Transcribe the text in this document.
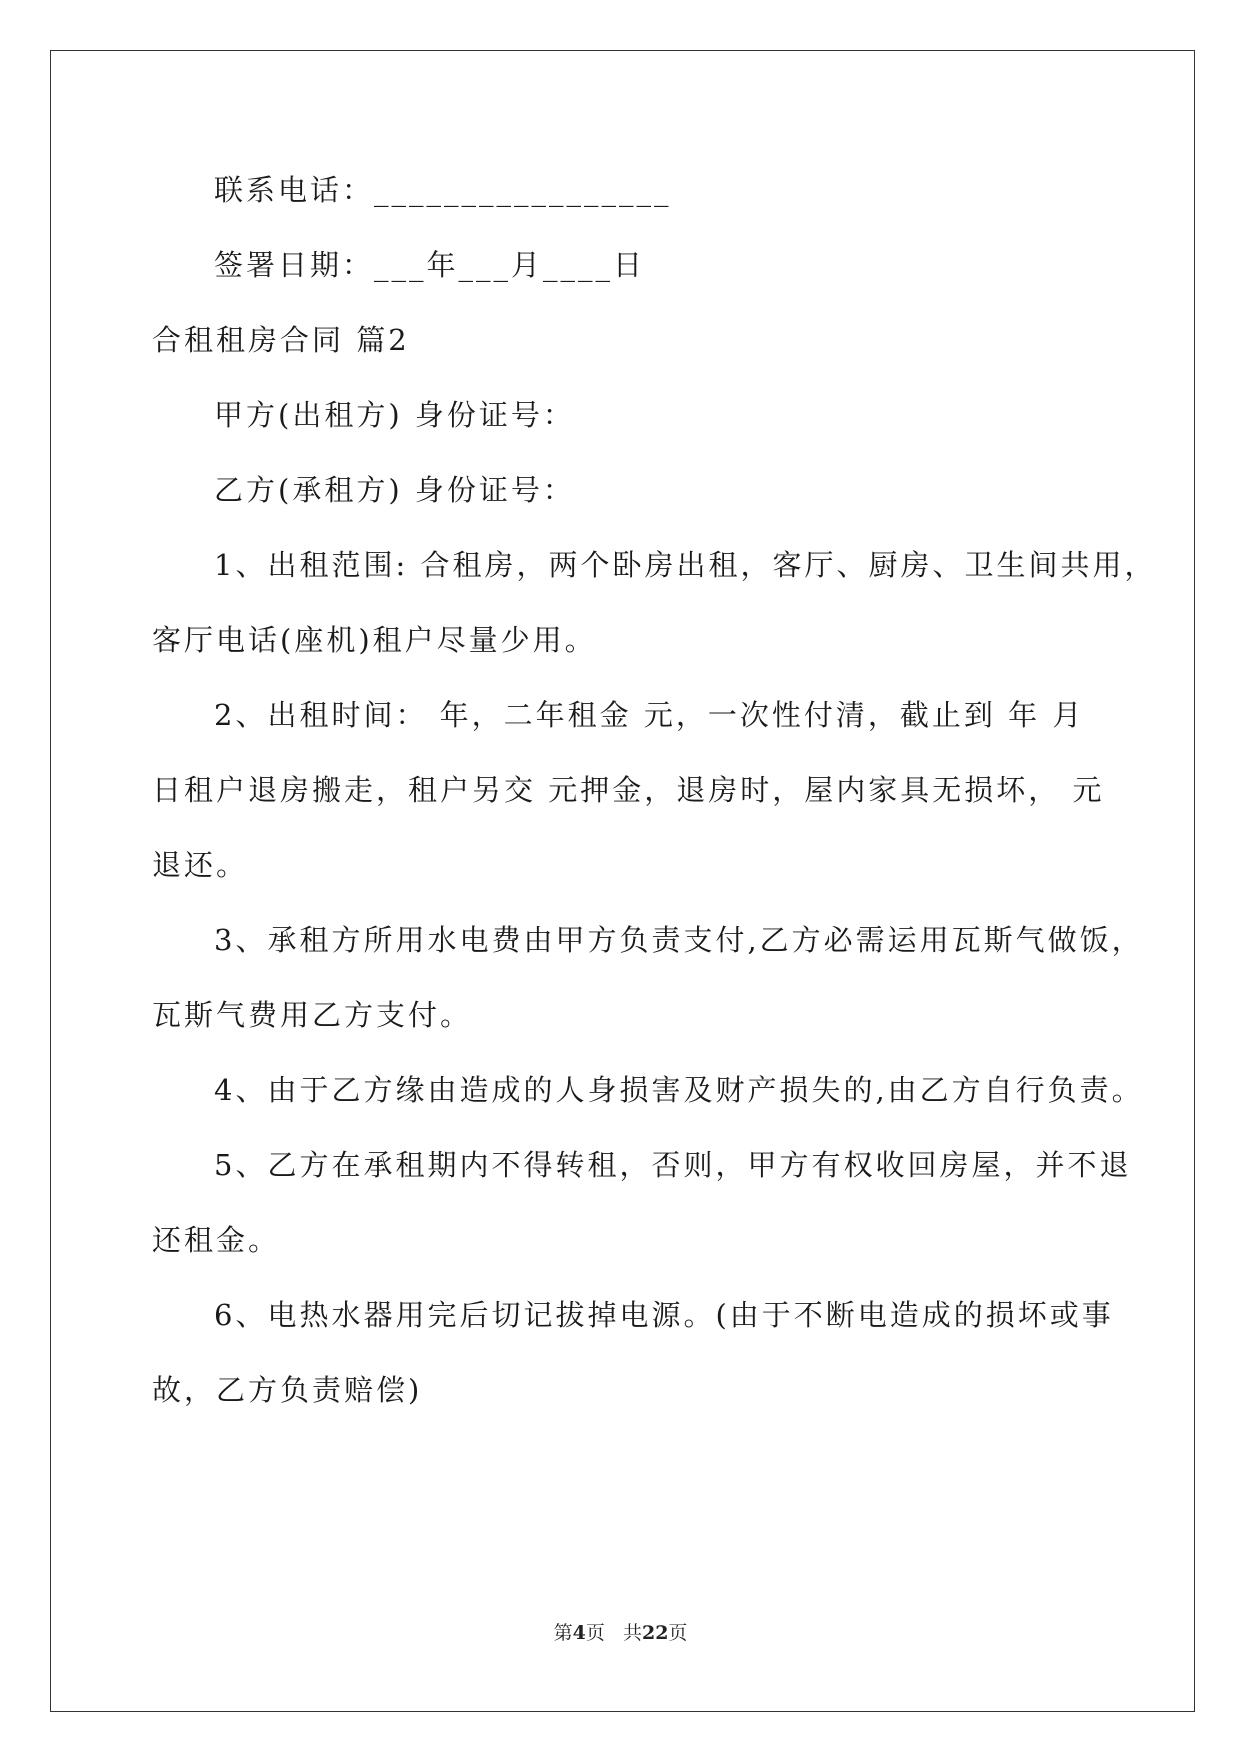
联系电话：_________________
签署日期：___年___月____日
合租租房合同 篇2
甲方(出租方) 身份证号：
乙方(承租方) 身份证号：
1、出租范围: 合租房，两个卧房出租，客厅、厨房、卫生间共用，
客厅电话(座机)租户尽量少用。
2、出租时间： 年，二年租金 元，一次性付清，截止到 年 月
日租户退房搬走，租户另交 元押金，退房时，屋内家具无损坏， 元
退还。
3、承租方所用水电费由甲方负责支付,乙方必需运用瓦斯气做饭，
瓦斯气费用乙方支付。
4、由于乙方缘由造成的人身损害及财产损失的,由乙方自行负责。
5、乙方在承租期内不得转租，否则，甲方有权收回房屋，并不退
还租金。
6、电热水器用完后切记拔掉电源。(由于不断电造成的损坏或事
故，乙方负责赔偿)
第4页 共22页
